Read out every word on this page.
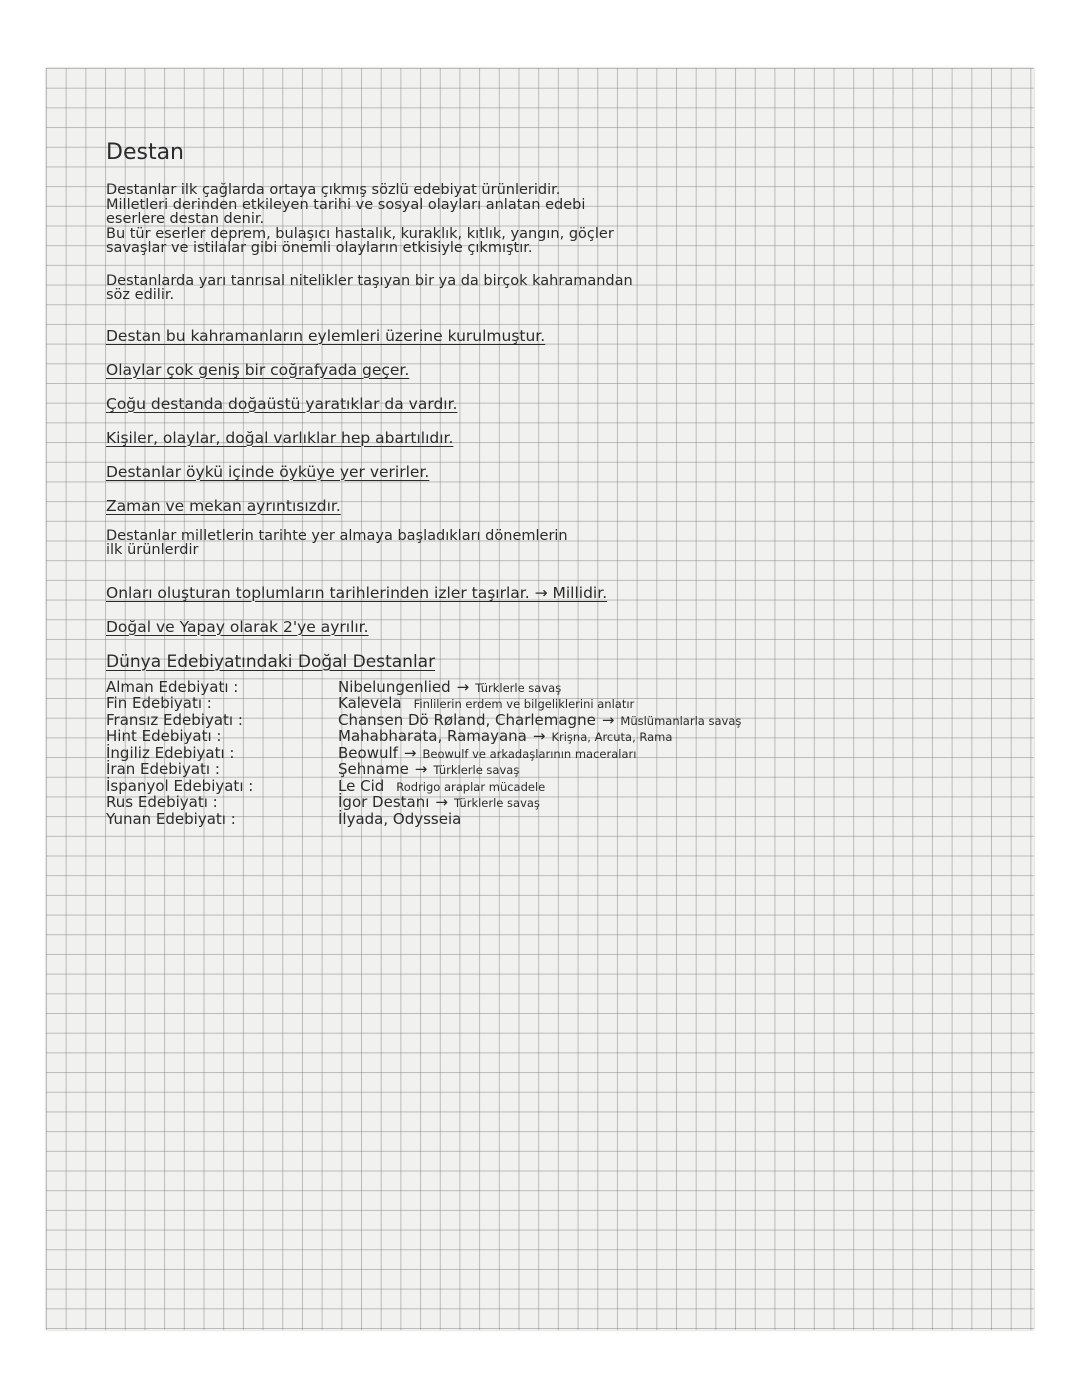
Destan
Destanlar ilk çağlarda ortaya çıkmış sözlü edebiyat ürünleridir.
Milletleri derinden etkileyen tarihi ve sosyal olayları anlatan edebi
eserlere destan denir.
Bu tür eserler deprem, bulaşıcı hastalık, kuraklık, kıtlık, yangın, göçler
savaşlar ve istilalar gibi önemli olayların etkisiyle çıkmıştır.
Destanlarda yarı tanrısal nitelikler taşıyan bir ya da birçok kahramandan
söz edilir.
Destan bu kahramanların eylemleri üzerine kurulmuştur.
Olaylar çok geniş bir coğrafyada geçer.
Çoğu destanda doğaüstü yaratıklar da vardır.
Kişiler, olaylar, doğal varlıklar hep abartılıdır.
Destanlar öykü içinde öyküye yer verirler.
Zaman ve mekan ayrıntısızdır.
Destanlar milletlerin tarihte yer almaya başladıkları dönemlerin
ilk ürünlerdir
Onları oluşturan toplumların tarihlerinden izler taşırlar. → Millidir.
Doğal ve Yapay olarak 2'ye ayrılır.
Dünya Edebiyatındaki Doğal Destanlar
Alman Edebiyatı :	Nibelungenlied → Türklerle savaş
Fin Edebiyatı :	Kalevela Finlilerin erdem ve bilgeliklerini anlatır
Fransız Edebiyatı :	Chansen Dö Røland, Charlemagne → Müslümanlarla savaş
Hint Edebiyatı :	Mahabharata, Ramayana → Krişna, Arcuta, Rama
İngiliz Edebiyatı :	Beowulf → Beowulf ve arkadaşlarının maceraları
İran Edebiyatı :	Şehname → Türklerle savaş
İspanyol Edebiyatı :	Le Cid Rodrigo araplar mücadele
Rus Edebiyatı :	İgor Destanı → Türklerle savaş
Yunan Edebiyatı :	İlyada, Odysseia
